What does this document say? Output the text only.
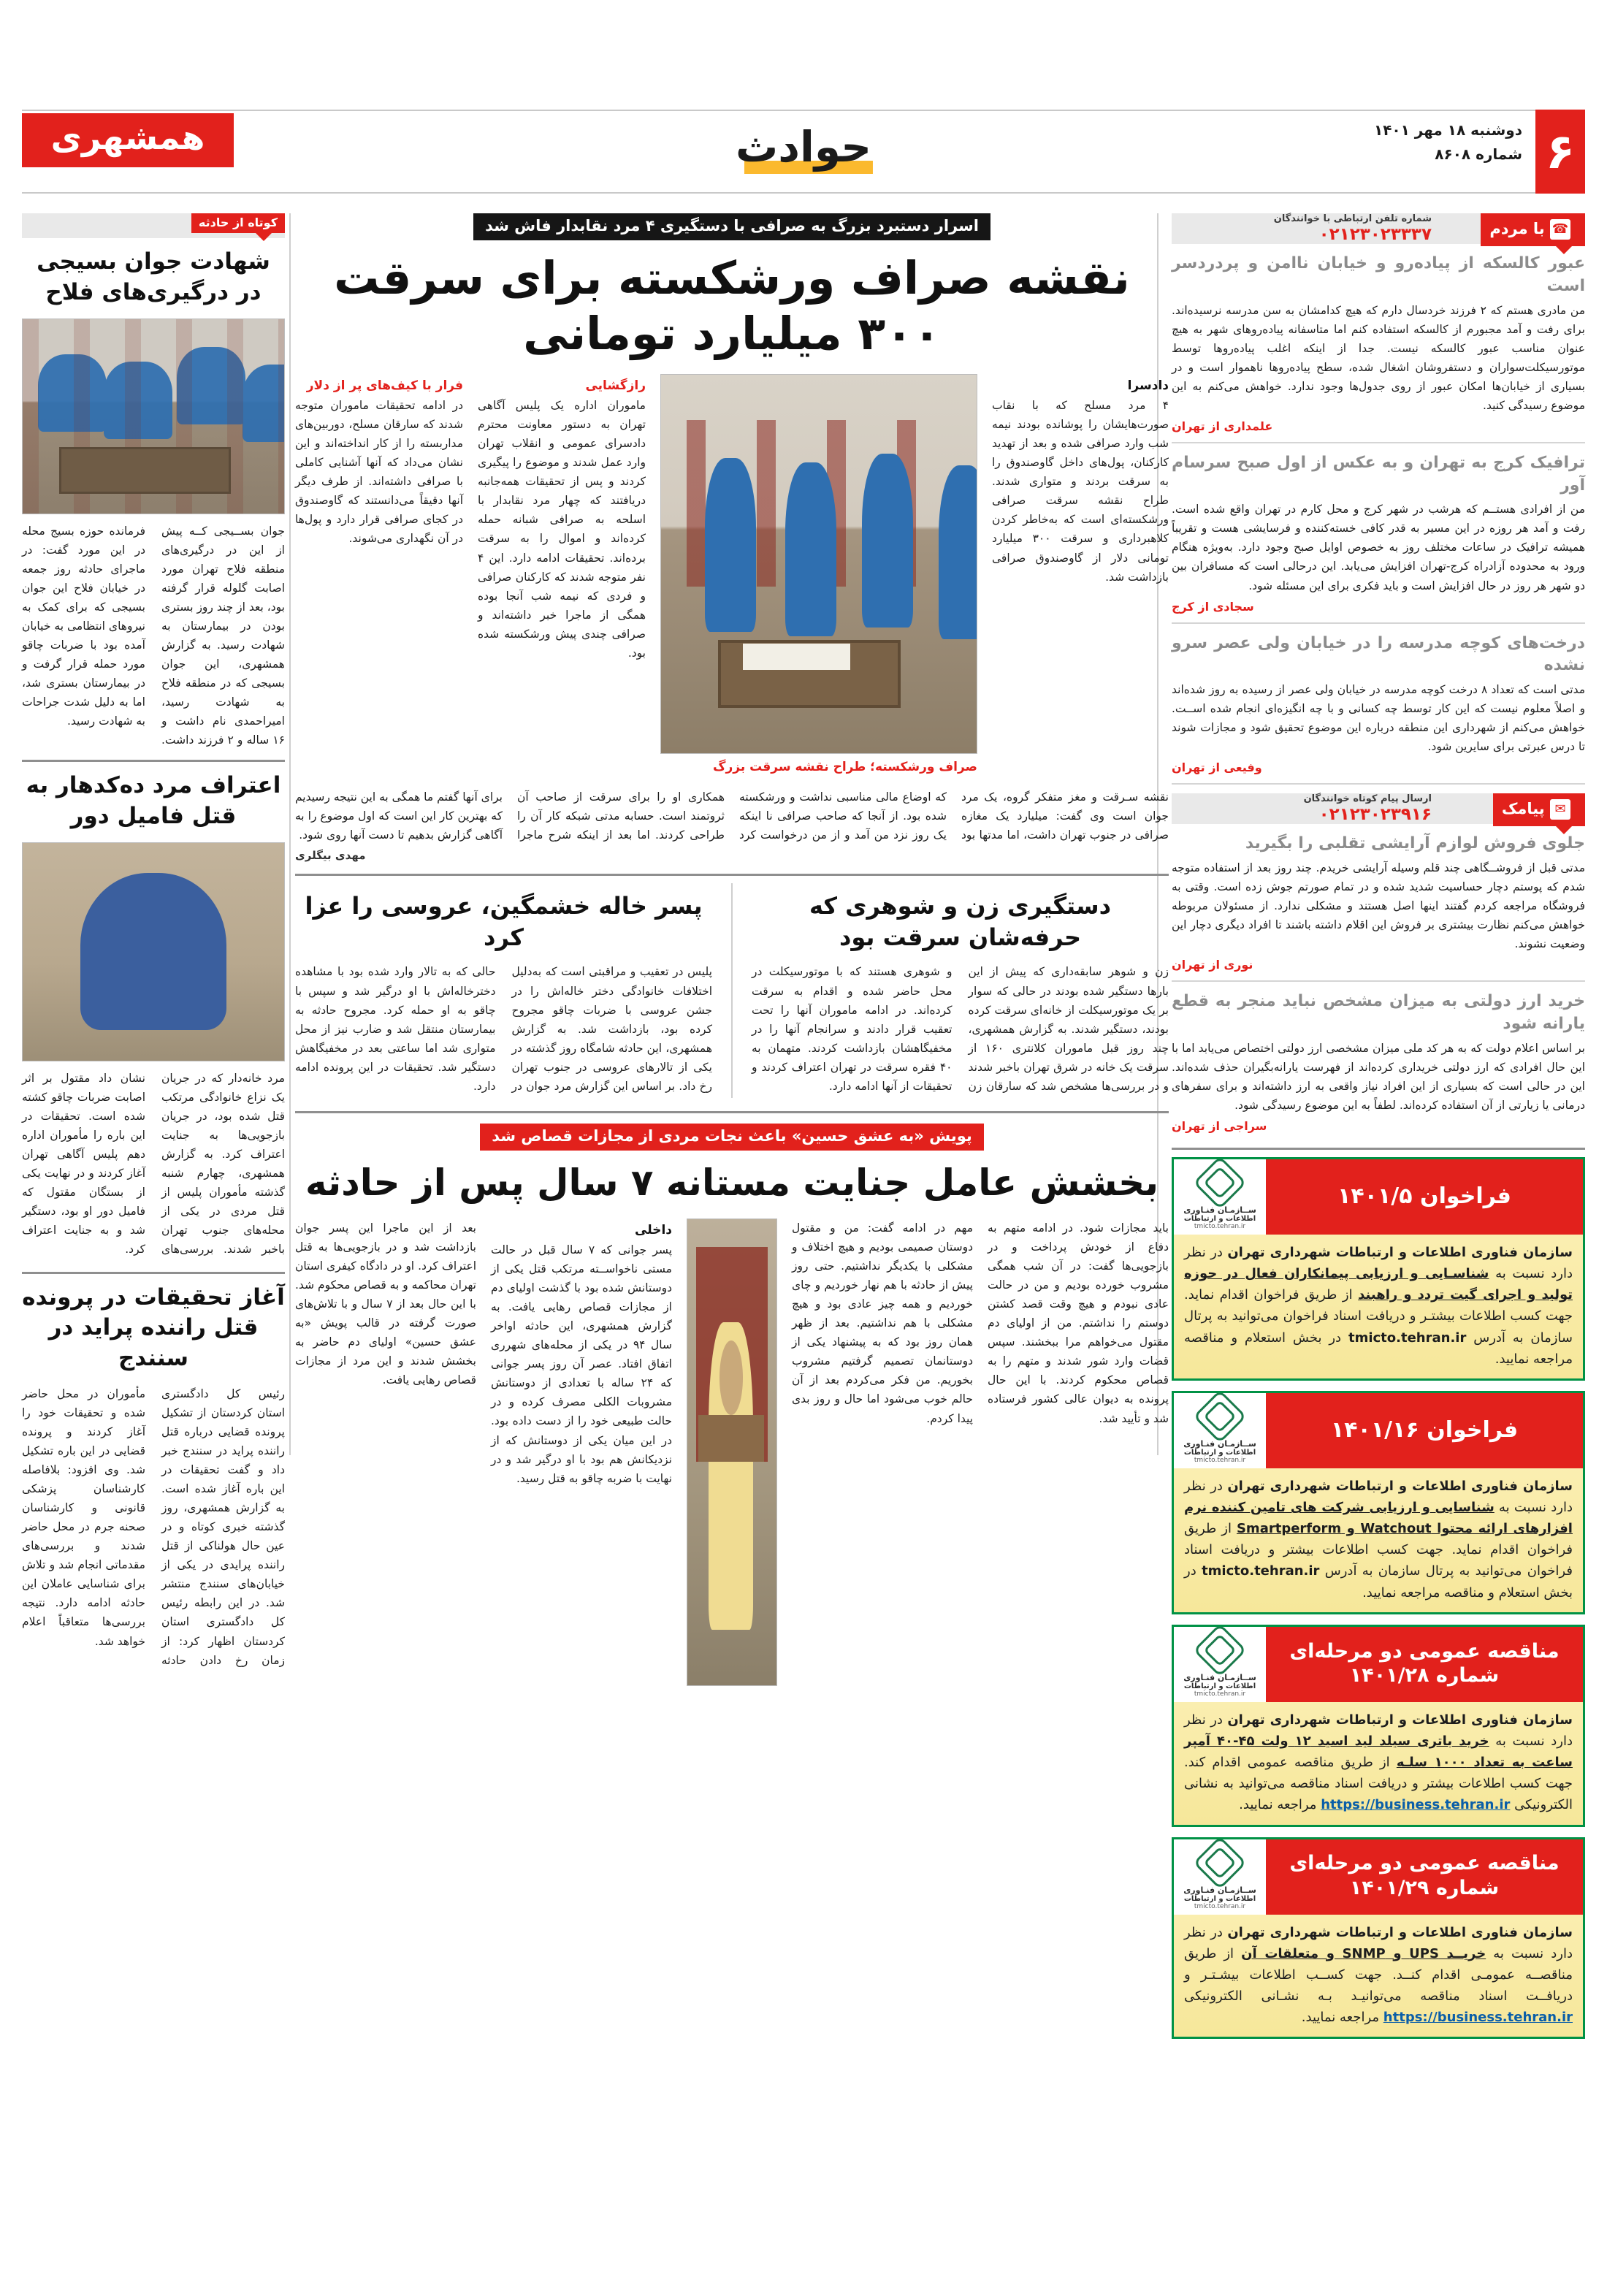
۶
دوشنبه ۱۸ مهر ۱۴۰۱
شماره ۸۶۰۸
حوادث
همشهری
کوتاه از حادثه
شهادت جوان بسیجی در درگیری‌های فلاح

جوان بســیجی کــه پیش از این در درگیری‌های منطقه فلاح تهران مورد اصابت گلوله قرار گرفته بود، بعد از چند روز بستری بودن در بیمارستان به شهادت رسید. به گزارش همشهری، این جوان بسیجی که در منطقه فلاح به شهادت رسید، امیراحمدی نام داشت و ۱۶ ساله و ۲ فرزند داشت. فرمانده حوزه بسیج محله در این مورد گفت: در ماجرای حادثه روز جمعه در خیابان فلاح این جوان بسیجی که برای کمک به نیروهای انتظامی به خیابان آمده بود با ضربات چاقو مورد حمله قرار گرفت و در بیمارستان بستری شد، اما به دلیل شدت جراحات به شهادت رسید.

اعتراف مرد ده‌کدهار به قتل فامیل دور

مرد خانه‌دار که در جریان یک نزاع خانوادگی مرتکب قتل شده بود، در جریان بازجویی‌ها به جنایت اعتراف کرد. به گزارش همشهری، چهارم شنبه گذشته مأموران پلیس از قتل مردی در یکی از محله‌های جنوب تهران باخبر شدند. بررسی‌های نشان داد مقتول بر اثر اصابت ضربات چاقو کشته شده است. تحقیقات در این باره را مأموران اداره دهم پلیس آگاهی تهران آغاز کردند و در نهایت یکی از بستگان مقتول که فامیل دور او بود، دستگیر شد و به جنایت اعتراف کرد.

آغاز تحقیقات در پرونده قتل راننده پراید در سنندج

رئیس کل دادگستری استان کردستان از تشکیل پرونده قضایی درباره قتل راننده پراید در سنندج خبر داد و گفت تحقیقات در این باره آغاز شده است. به گزارش همشهری، روز گذشته خبری کوتاه و در عین حال هولناکی از قتل راننده پرایدی در یکی از خیابان‌های سنندج منتشر شد. در این رابطه رئیس کل دادگستری استان کردستان اظهار کرد: از زمان رخ دادن حادثه مأموران در محل حاضر شده و تحقیقات خود را آغاز کردند و پرونده قضایی در این باره تشکیل شد. وی افزود: بلافاصله کارشناسان پزشکی قانونی و کارشناسان صحنه جرم در محل حاضر شدند و بررسی‌های مقدماتی انجام شد و تلاش برای شناسایی عاملان این حادثه ادامه دارد. نتیجه بررسی‌ها متعاقباً اعلام خواهد شد.

اسرار دستبرد بزرگ به صرافی با دستگیری ۴ مرد نقابدار فاش شد
نقشه صراف ورشکسته برای سرقت ۳۰۰ میلیارد تومانی
دادسرا
۴ مرد مسلح که با نقاب صورت‌هایشان را پوشانده بودند نیمه شب وارد صرافی شده و بعد از تهدید کارکنان، پول‌های داخل گاوصندوق را به سرقت بردند و متواری شدند. طراح نقشه سرقت صرافی ورشکسته‌ای است که به‌خاطر کردن کلاهبرداری و سرقت ۳۰۰ میلیارد تومانی دلار از گاوصندوق صرافی بازداشت شد.
صراف ورشکسته؛ طراح نقشه سرقت بزرگ
رازگشایی
ماموران اداره یک پلیس آگاهی تهران به دستور معاونت محترم دادسرای عمومی و انقلاب تهران وارد عمل شدند و موضوع را پیگیری کردند و پس از تحقیقات همه‌جانبه دریافتند که چهار مرد نقابدار با اسلحه به صرافی شبانه حمله کرده‌اند و اموال را به سرقت برده‌اند. تحقیقات ادامه دارد. این ۴ نفر متوجه شدند که کارکنان صرافی و فردی که نیمه شب آنجا بوده همگی از ماجرا خبر داشته‌اند و صرافی چندی پیش ورشکسته شده بود.
فرار با کیف‌های پر از دلار
در ادامه تحقیقات ماموران متوجه شدند که سارقان مسلح، دوربین‌های مداربسته را از کار انداخته‌اند و این نشان می‌داد که آنها آشنایی کاملی با صرافی داشته‌اند. از طرف دیگر آنها دقیقاً می‌دانستند که گاوصندوق در کجای صرافی قرار دارد و پول‌ها در آن نگهداری می‌شوند.

نقشه سـرقت و مغز متفکر گروه، یک مرد جوان است وی گفت: میلیارد یک مغازه صرافی در جنوب تهران داشت، اما مدتها بود که اوضاع مالی مناسبی نداشت و ورشکسته شده بود. از آنجا که صاحب صرافی نا اینکه یک روز نزد من آمد و از من درخواست کرد همکاری او را برای سرقت از صاحب آن ثروتمند است. حسابه مدتی شبکه کار آن را طراحی کردند. اما بعد از اینکه شرح ماجرا برای آنها گفتم ما همگی به این نتیجه رسیدیم که بهترین کار این است که اول موضوع را به آگاهی گزارش بدهیم تا دست آنها روی شود.

مهدی بیگلری
دستگیری زن و شوهری که حرفه‌شان سرقت بود

زن و شوهر سابقه‌داری که پیش از این بارها دستگیر شده بودند در حالی که سوار بر یک موتورسیکلت از خانه‌ای سرقت کرده بودند، دستگیر شدند. به گزارش همشهری، چند روز قبل ماموران کلانتری ۱۶۰ از سرقت یک خانه در شرق تهران باخبر شدند و در بررسی‌ها مشخص شد که سارقان زن و شوهری هستند که با موتورسیکلت در محل حاضر شده و اقدام به سرقت کرده‌اند. در ادامه ماموران آنها را تحت تعقیب قرار دادند و سرانجام آنها را در مخفیگاهشان بازداشت کردند. متهمان به ۴۰ فقره سرقت در تهران اعتراف کردند و تحقیقات از آنها ادامه دارد.

پسر خاله خشمگین، عروسی را عزا کرد

پلیس در تعقیب و مراقبتی است که به‌دلیل اختلافات خانوادگی دختر خاله‌اش را در جشن عروسی با ضربات چاقو مجروح کرده بود، بازداشت شد. به گزارش همشهری، این حادثه شامگاه روز گذشته در یکی از تالارهای عروسی در جنوب تهران رخ داد. بر اساس این گزارش مرد جوان در حالی که به تالار وارد شده بود با مشاهده دخترخاله‌اش با او درگیر شد و سپس با چاقو به او حمله کرد. مجروح حادثه به بیمارستان منتقل شد و ضارب نیز از محل متواری شد اما ساعتی بعد در مخفیگاهش دستگیر شد. تحقیقات در این پرونده ادامه دارد.

پویش «به عشق حسین» باعث نجات مردی از مجازات قصاص شد
بخشش عامل جنایت مستانه ۷ سال پس از حادثه
باید مجازات شود. در ادامه متهم به دفاع از خودش پرداخت و در بازجویی‌ها گفت: در آن شب همگی مشروب خورده بودیم و من در حالت عادی نبودم و هیچ وقت قصد کشتن دوستم را نداشتم. من از اولیای دم مقتول می‌خواهم مرا ببخشند. سپس قضات وارد شور شدند و متهم را به قصاص محکوم کردند. با این حال پرونده به دیوان عالی کشور فرستاده شد و تأیید شد.
مهم در ادامه گفت: من و مقتول دوستان صمیمی بودیم و هیچ اختلاف و مشکلی با یکدیگر نداشتیم. حتی روز پیش از حادثه با هم نهار خوردیم و چای خوردیم و همه چیز عادی بود و هیچ مشکلی با هم نداشتیم. بعد از ظهر همان روز بود که به پیشنهاد یکی از دوستانمان تصمیم گرفتیم مشروب بخوریم. من فکر می‌کردم بعد از آن حالم خوب می‌شود اما حال و روز بدی پیدا کردم.
داخلی
پسر جوانی که ۷ سال قبل در حالت مستی ناخواســته مرتکب قتل یکی از دوستانش شده بود با گذشت اولیای دم از مجازات قصاص رهایی یافت. به گزارش همشهری، این حادثه اواخر سال ۹۴ در یکی از محله‌های شهرری اتفاق افتاد. عصر آن روز پسر جوانی که ۲۴ ساله با تعدادی از دوستانش مشروبات الکلی مصرف کرده و در حالت طبیعی خود را از دست داده بود. در این میان یکی از دوستانش که از نزدیکانش هم بود با او درگیر شد و در نهایت با ضربه چاقو به قتل رسید.
بعد از این ماجرا این پسر جوان بازداشت شد و در بازجویی‌ها به قتل اعتراف کرد. او در دادگاه کیفری استان تهران محاکمه و به قصاص محکوم شد. با این حال بعد از ۷ سال و با تلاش‌های صورت گرفته در قالب پویش «به عشق حسین» اولیای دم حاضر به بخشش شدند و این مرد از مجازات قصاص رهایی یافت.
☎ با مردم
شماره تلفن ارتباطی با خوانندگان
۰۲۱۲۳۰۲۳۳۳۷
عبور کالسکه از پیاده‌رو و خیابان ناامن و پردردسر است
من مادری هستم که ۲ فرزند خردسال دارم که هیچ کدامشان به سن مدرسه نرسیده‌اند. برای رفت و آمد مجبورم از کالسکه استفاده کنم اما متاسفانه پیاده‌روهای شهر به هیچ عنوان مناسب عبور کالسکه نیست. جدا از اینکه اغلب پیاده‌روها توسط موتورسیکلت‌سواران و دستفروشان اشغال شده، سطح پیاده‌روها ناهموار است و در بسیاری از خیابان‌ها امکان عبور از روی جدول‌ها وجود ندارد. خواهش می‌کنم به این موضوع رسیدگی کنید.
علمداری از تهران
ترافیک کرج به تهران و به عکس از اول صبح سرسام آور
من از افرادی هستــم که هرشب در شهر کرج و محل کارم در تهران واقع شده است. رفت و آمد هر روزه در این مسیر به قدر کافی خسته‌کننده و فرسایشی هست و تقریباً همیشه ترافیک در ساعات مختلف روز به خصوص اوایل صبح وجود دارد. به‌ویژه هنگام ورود به محدوده آزادراه کرج-تهران افزایش می‌یابد. این درحالی است که مسافران بین دو شهر هر روز در حال افزایش است و باید فکری برای این مسئله شود.
سجادی از کرج
درخت‌های کوچه مدرسه را در خیابان ولی عصر سرو نشده
مدتی است که تعداد ۸ درخت کوچه مدرسه در خیابان ولی عصر از رسیده به روز شده‌اند و اصلاً معلوم نیست که این کار توسط چه کسانی و با چه انگیزه‌ای انجام شده اســت. خواهش می‌کنم از شهرداری این منطقه درباره این موضوع تحقیق شود و مجازات شوند تا درس عبرتی برای سایرین شود.
وفیعی از تهران
✉ پیامک
ارسال پیام کوتاه خوانندگان
۰۲۱۲۳۰۲۳۹۱۶
جلوی فروش لوازم آرایشی تقلبی را بگیرید
مدتی قبل از فروشــگاهی چند قلم وسیله آرایشی خریدم. چند روز بعد از استفاده متوجه شدم که پوستم دچار حساسیت شدید شده و در تمام صورتم جوش زده است. وقتی به فروشگاه مراجعه کردم گفتند اینها اصل هستند و مشکلی ندارد. از مسئولان مربوطه خواهش می‌کنم نظارت بیشتری بر فروش این اقلام داشته باشند تا افراد دیگری دچار این وضعیت نشوند.
نوری از تهران
خرید ارز دولتی به میزان مشخص نباید منجر به قطع یارانه شود
بر اساس اعلام دولت که به هر کد ملی میزان مشخصی ارز دولتی اختصاص می‌یابد اما با این حال افرادی که ارز دولتی خریداری کرده‌اند از فهرست یارانه‌بگیران حذف شده‌اند. این در حالی است که بسیاری از این افراد نیاز واقعی به ارز داشته‌اند و برای سفرهای درمانی یا زیارتی از آن استفاده کرده‌اند. لطفاً به این موضوع رسیدگی شود.
سراجی از تهران
فراخوان ۱۴۰۱/۵
ســازمـان فنـاوری
اطلاعات و ارتباطات
tmicto.tehran.ir
سازمان فناوری اطلاعات و ارتباطات شهرداری تهران در نظر دارد نسبت به شناسـایی و ارزیابی پیمانکاران فعال در حوزه تولید و اجرای گیت تردد و راهبند از طریق فراخوان اقدام نماید. جهت کسب اطلاعات بیشتـر و دریافت اسناد فراخوان می‌توانید به پرتال سازمان به آدرس tmicto.tehran.ir در بخش استعلام و مناقصه مراجعه نمایید.
فراخوان ۱۴۰۱/۱۶
ســازمـان فنـاوری
اطلاعات و ارتباطات
tmicto.tehran.ir
سازمان فناوری اطلاعات و ارتباطات شهرداری تهران در نظر دارد نسبت به شناسایی و ارزیابی شرکت های تامین کننده نرم افزارهای ارائه محتوا Watchout و Smartperform از طریق فراخوان اقدام نماید. جهت کسب اطلاعات بیشتر و دریافت اسناد فراخوان می‌توانید به پرتال سازمان به آدرس tmicto.tehran.ir در بخش استعلام و مناقصه مراجعه نمایید.
مناقصه عمومی دو مرحله‌ای شماره ۱۴۰۱/۲۸
ســازمـان فنـاوری
اطلاعات و ارتباطات
tmicto.tehran.ir
سازمان فناوری اطلاعات و ارتباطات شهرداری تهران در نظر دارد نسبت به خرید باتری سیلد لید اسید ۱۲ ولت ۴۵-۴۰ آمپر ساعت به تعداد ۱۰۰۰ سلـه از طریق مناقصه عمومی اقدام کند. جهت کسب اطلاعات بیشتر و دریافت اسناد مناقصه می‌توانید به نشانی الکترونیکی https://business.tehran.ir مراجعه نمایید.
مناقصه عمومی دو مرحله‌ای شماره ۱۴۰۱/۲۹
ســازمـان فنـاوری
اطلاعات و ارتباطات
tmicto.tehran.ir
سازمان فناوری اطلاعات و ارتباطات شهرداری تهران در نظر دارد نسبت به خریــد UPS و SNMP و متعلقات آن از طریق مناقصــه عمومـی اقدام کنــد. جهت کســب اطلاعات بیشـتـر و دریافــت اسناد مناقصه می‌توانیـد بـه نشـانی الکترونیکی https://business.tehran.ir مراجعه نمایید.
